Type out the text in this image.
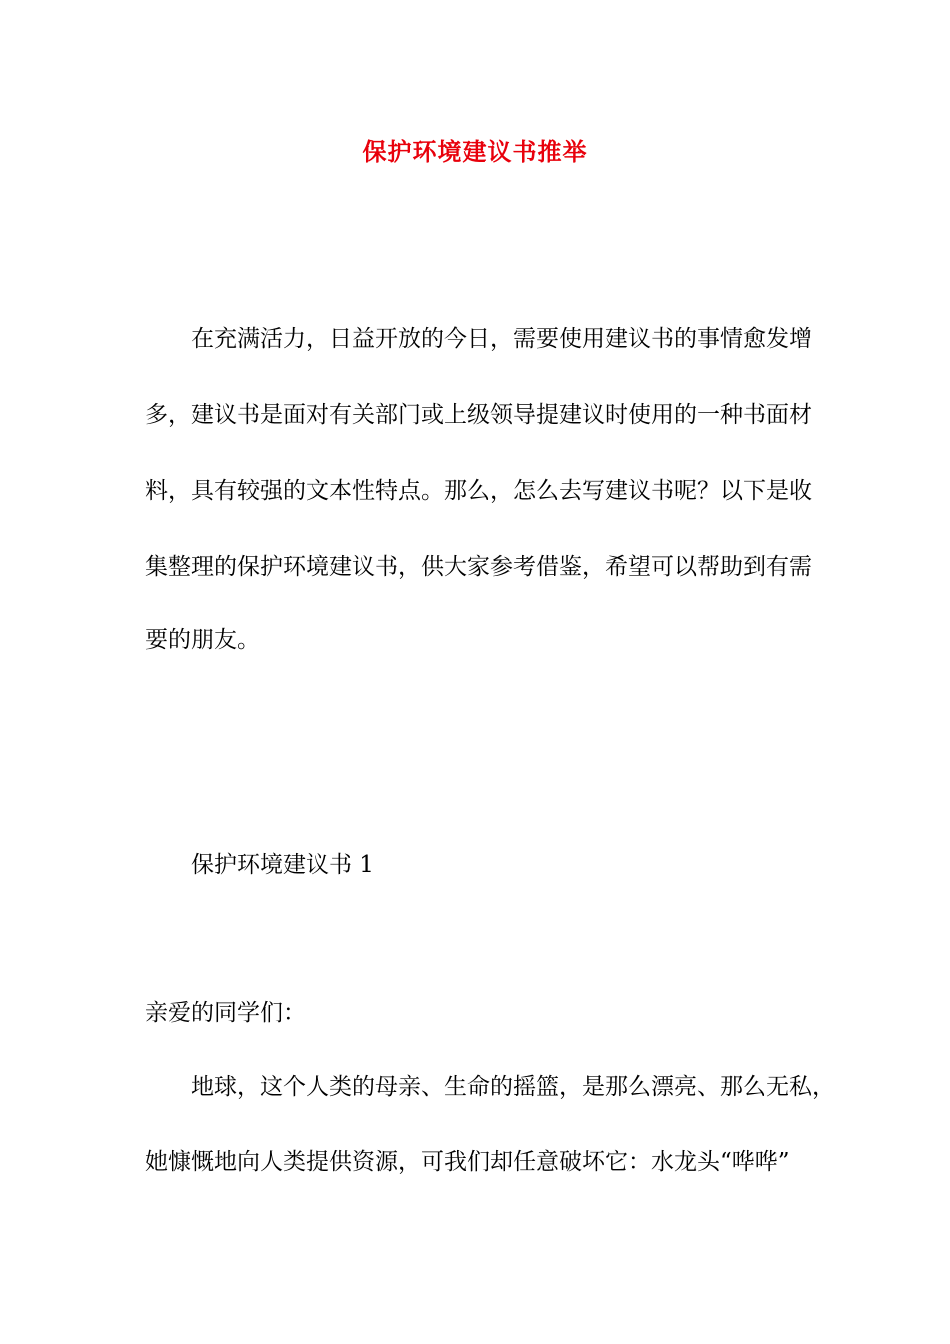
保护环境建议书推举
在充满活力，日益开放的今日，需要使用建议书的事情愈发增
多，建议书是面对有关部门或上级领导提建议时使用的一种书面材
料，具有较强的文本性特点。那么，怎么去写建议书呢？以下是收
集整理的保护环境建议书，供大家参考借鉴，希望可以帮助到有需
要的朋友。
保护环境建议书 1
亲爱的同学们：
地球，这个人类的母亲、生命的摇篮，是那么漂亮、那么无私，
她慷慨地向人类提供资源，可我们却任意破坏它：水龙头“哗哗”
